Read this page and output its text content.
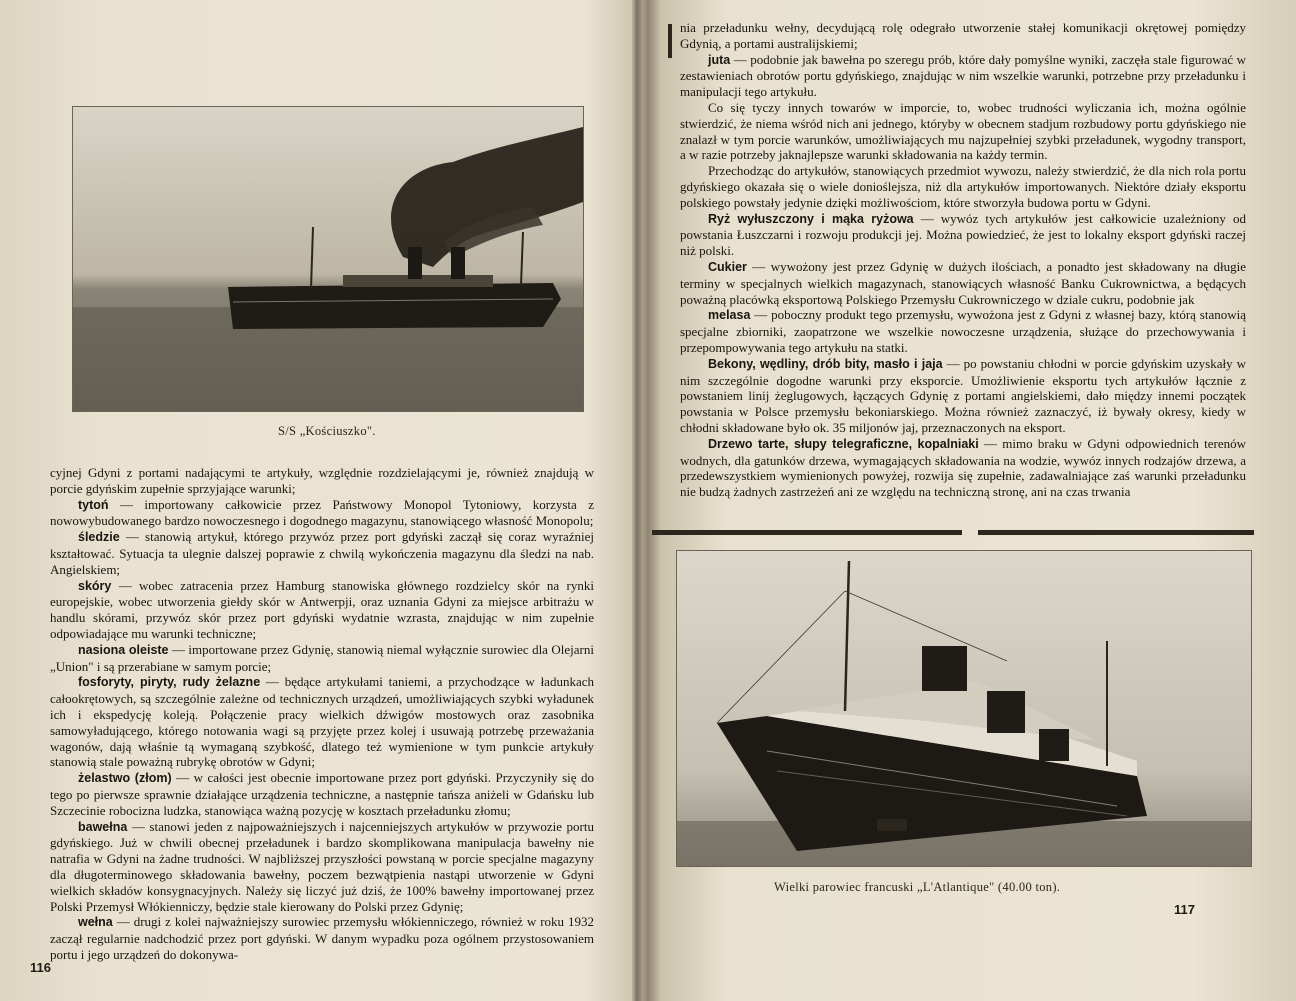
S/S „Kościuszko".

cyjnej Gdyni z portami nadającymi te artykuły, względnie rozdzielającymi je, również znajdują w porcie gdyńskim zupełnie sprzyjające warunki;

tytoń — importowany całkowicie przez Państwowy Monopol Tytoniowy, korzysta z nowowybudowanego bardzo nowoczesnego i dogodnego magazynu, stanowiącego własność Monopolu;

śledzie — stanowią artykuł, którego przywóz przez port gdyński zaczął się coraz wyraźniej kształtować. Sytuacja ta ulegnie dalszej poprawie z chwilą wykończenia magazynu dla śledzi na nab. Angielskiem;

skóry — wobec zatracenia przez Hamburg stanowiska głównego rozdzielcy skór na rynki europejskie, wobec utworzenia giełdy skór w Antwerpji, oraz uznania Gdyni za miejsce arbitrażu w handlu skórami, przywóz skór przez port gdyński wydatnie wzrasta, znajdując w nim zupełnie odpowiadające mu warunki techniczne;

nasiona oleiste — importowane przez Gdynię, stanowią niemal wyłącznie surowiec dla Olejarni „Union" i są przerabiane w samym porcie;

fosforyty, piryty, rudy żelazne — będące artykułami taniemi, a przychodzące w ładunkach całookrętowych, są szczególnie zależne od technicznych urządzeń, umożliwiających szybki wyładunek ich i ekspedycję koleją. Połączenie pracy wielkich dźwigów mostowych oraz zasobnika samowyładującego, którego notowania wagi są przyjęte przez kolej i usuwają potrzebę przeważania wagonów, dają właśnie tą wymaganą szybkość, dlatego też wymienione w tym punkcie artykuły stanowią stale poważną rubrykę obrotów w Gdyni;

żelastwo (złom) — w całości jest obecnie importowane przez port gdyński. Przyczyniły się do tego po pierwsze sprawnie działające urządzenia techniczne, a następnie tańsza aniżeli w Gdańsku lub Szczecinie robocizna ludzka, stanowiąca ważną pozycję w kosztach przeładunku złomu;

bawełna — stanowi jeden z najpoważniejszych i najcenniejszych artykułów w przywozie portu gdyńskiego. Już w chwili obecnej przeładunek i bardzo skomplikowana manipulacja bawełny nie natrafia w Gdyni na żadne trudności. W najbliższej przyszłości powstaną w porcie specjalne magazyny dla długoterminowego składowania bawełny, poczem bezwątpienia nastąpi utworzenie w Gdyni wielkich składów konsygnacyjnych. Należy się liczyć już dziś, że 100% bawełny importowanej przez Polski Przemysł Włókienniczy, będzie stale kierowany do Polski przez Gdynię;

wełna — drugi z kolei najważniejszy surowiec przemysłu włókienniczego, również w roku 1932 zaczął regularnie nadchodzić przez port gdyński. W danym wypadku poza ogólnem przystosowaniem portu i jego urządzeń do dokonywa-

116

nia przeładunku wełny, decydującą rolę odegrało utworzenie stałej komunikacji okrętowej pomiędzy Gdynią, a portami australijskiemi;

juta — podobnie jak bawełna po szeregu prób, które dały pomyślne wyniki, zaczęła stale figurować w zestawieniach obrotów portu gdyńskiego, znajdując w nim wszelkie warunki, potrzebne przy przeładunku i manipulacji tego artykułu.

Co się tyczy innych towarów w imporcie, to, wobec trudności wyliczania ich, można ogólnie stwierdzić, że niema wśród nich ani jednego, któryby w obecnem stadjum rozbudowy portu gdyńskiego nie znalazł w tym porcie warunków, umożliwiających mu najzupełniej szybki przeładunek, wygodny transport, a w razie potrzeby jaknajlepsze warunki składowania na każdy termin.

Przechodząc do artykułów, stanowiących przedmiot wywozu, należy stwierdzić, że dla nich rola portu gdyńskiego okazała się o wiele donioślejsza, niż dla artykułów importowanych. Niektóre działy eksportu polskiego powstały jedynie dzięki możliwościom, które stworzyła budowa portu w Gdyni.

Ryż wyłuszczony i mąka ryżowa — wywóz tych artykułów jest całkowicie uzależniony od powstania Łuszczarni i rozwoju produkcji jej. Można powiedzieć, że jest to lokalny eksport gdyński raczej niż polski.

Cukier — wywożony jest przez Gdynię w dużych ilościach, a ponadto jest składowany na długie terminy w specjalnych wielkich magazynach, stanowiących własność Banku Cukrownictwa, a będących poważną placówką eksportową Polskiego Przemysłu Cukrowniczego w dziale cukru, podobnie jak

melasa — poboczny produkt tego przemysłu, wywożona jest z Gdyni z własnej bazy, którą stanowią specjalne zbiorniki, zaopatrzone we wszelkie nowoczesne urządzenia, służące do przechowywania i przepompowywania tego artykułu na statki.

Bekony, wędliny, drób bity, masło i jaja — po powstaniu chłodni w porcie gdyńskim uzyskały w nim szczególnie dogodne warunki przy eksporcie. Umożliwienie eksportu tych artykułów łącznie z powstaniem linij żeglugowych, łączących Gdynię z portami angielskiemi, dało między innemi początek powstania w Polsce przemysłu bekoniarskiego. Można również zaznaczyć, iż bywały okresy, kiedy w chłodni składowane było ok. 35 miljonów jaj, przeznaczonych na eksport.

Drzewo tarte, słupy telegraficzne, kopalniaki — mimo braku w Gdyni odpowiednich terenów wodnych, dla gatunków drzewa, wymagających składowania na wodzie, wywóz innych rodzajów drzewa, a przedewszystkiem wymienionych powyżej, rozwija się zupełnie, zadawalniające zaś warunki przeładunku nie budzą żadnych zastrzeżeń ani ze względu na techniczną stronę, ani na czas trwania

Wielki parowiec francuski „L'Atlantique" (40.00 ton).
117
